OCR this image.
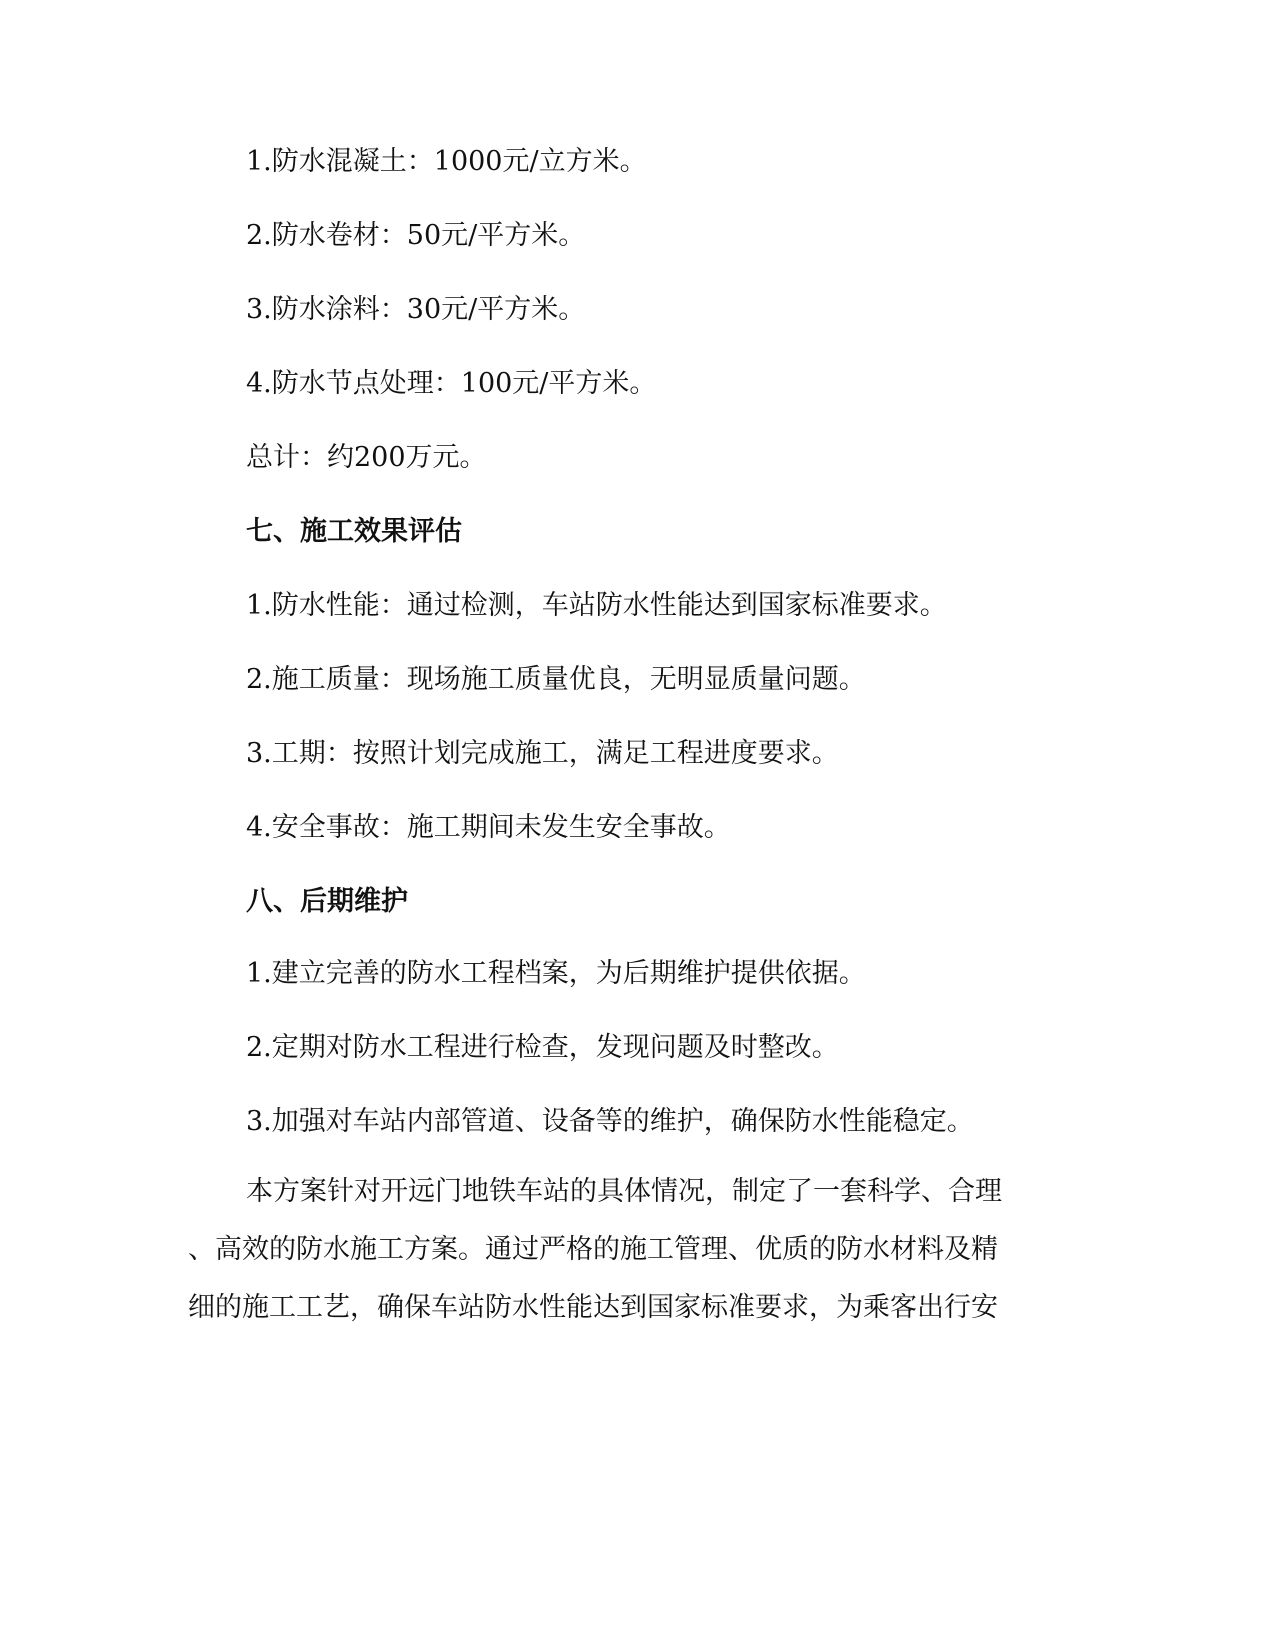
1.防水混凝土：1000元/立方米。
2.防水卷材：50元/平方米。
3.防水涂料：30元/平方米。
4.防水节点处理：100元/平方米。
总计：约200万元。
七、施工效果评估
1.防水性能：通过检测，车站防水性能达到国家标准要求。
2.施工质量：现场施工质量优良，无明显质量问题。
3.工期：按照计划完成施工，满足工程进度要求。
4.安全事故：施工期间未发生安全事故。
八、后期维护
1.建立完善的防水工程档案，为后期维护提供依据。
2.定期对防水工程进行检查，发现问题及时整改。
3.加强对车站内部管道、设备等的维护，确保防水性能稳定。
本方案针对开远门地铁车站的具体情况，制定了一套科学、合理
、高效的防水施工方案。通过严格的施工管理、优质的防水材料及精
细的施工工艺，确保车站防水性能达到国家标准要求，为乘客出行安
